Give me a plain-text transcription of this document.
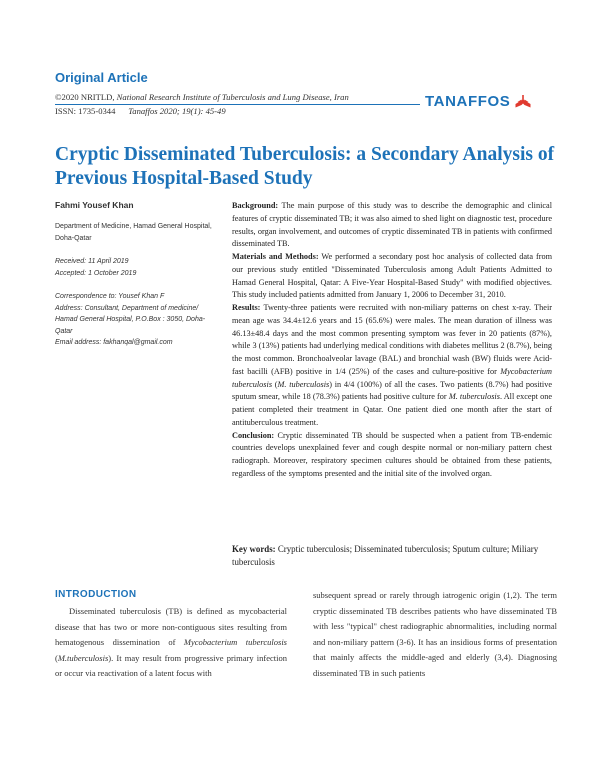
Original Article
©2020 NRITLD, National Research Institute of Tuberculosis and Lung Disease, Iran
ISSN: 1735-0344 Tanaffos 2020; 19(1): 45-49
TANAFFOS
Cryptic Disseminated Tuberculosis: a Secondary Analysis of Previous Hospital-Based Study
Fahmi Yousef Khan
Department of Medicine, Hamad General Hospital, Doha-Qatar
Received: 11 April 2019
Accepted: 1 October 2019
Correspondence to: Yousef Khan F
Address: Consultant, Department of medicine/ Hamad General Hospital, P.O.Box : 3050, Doha-Qatar
Email address: fakhanqal@gmail.com

Background: The main purpose of this study was to describe the demographic and clinical features of cryptic disseminated TB; it was also aimed to shed light on diagnostic test, procedure results, organ involvement, and outcomes of cryptic disseminated TB in patients with confirmed disseminated TB.

Materials and Methods: We performed a secondary post hoc analysis of collected data from our previous study entitled "Disseminated Tuberculosis among Adult Patients Admitted to Hamad General Hospital, Qatar: A Five-Year Hospital-Based Study" with modified objectives. This study included patients admitted from January 1, 2006 to December 31, 2010.

Results: Twenty-three patients were recruited with non-miliary patterns on chest x-ray. Their mean age was 34.4±12.6 years and 15 (65.6%) were males. The mean duration of illness was 46.13±48.4 days and the most common presenting symptom was fever in 20 patients (87%), while 3 (13%) patients had underlying medical conditions with diabetes mellitus 2 (8.7%), being the most common. Bronchoalveolar lavage (BAL) and bronchial wash (BW) fluids were Acid-fast bacilli (AFB) positive in 1/4 (25%) of the cases and culture-positive for Mycobacterium tuberculosis (M. tuberculosis) in 4/4 (100%) of all the cases. Two patients (8.7%) had positive sputum smear, while 18 (78.3%) patients had positive culture for M. tuberculosis. All except one patient completed their treatment in Qatar. One patient died one month after the start of antituberculous treatment.

Conclusion: Cryptic disseminated TB should be suspected when a patient from TB-endemic countries develops unexplained fever and cough despite normal or non-miliary pattern chest radiograph. Moreover, respiratory specimen cultures should be obtained from these patients, regardless of the symptoms presented and the initial site of the involved organ.

Key words: Cryptic tuberculosis; Disseminated tuberculosis; Sputum culture; Miliary tuberculosis
INTRODUCTION
Disseminated tuberculosis (TB) is defined as mycobacterial disease that has two or more non-contiguous sites resulting from hematogenous dissemination of Mycobacterium tuberculosis (M.tuberculosis). It may result from progressive primary infection or occur via reactivation of a latent focus with
subsequent spread or rarely through iatrogenic origin (1,2). The term cryptic disseminated TB describes patients who have disseminated TB with less "typical" chest radiographic abnormalities, including normal and non-miliary pattern (3-6). It has an insidious forms of presentation that mainly affects the middle-aged and elderly (3,4). Diagnosing disseminated TB in such patients
